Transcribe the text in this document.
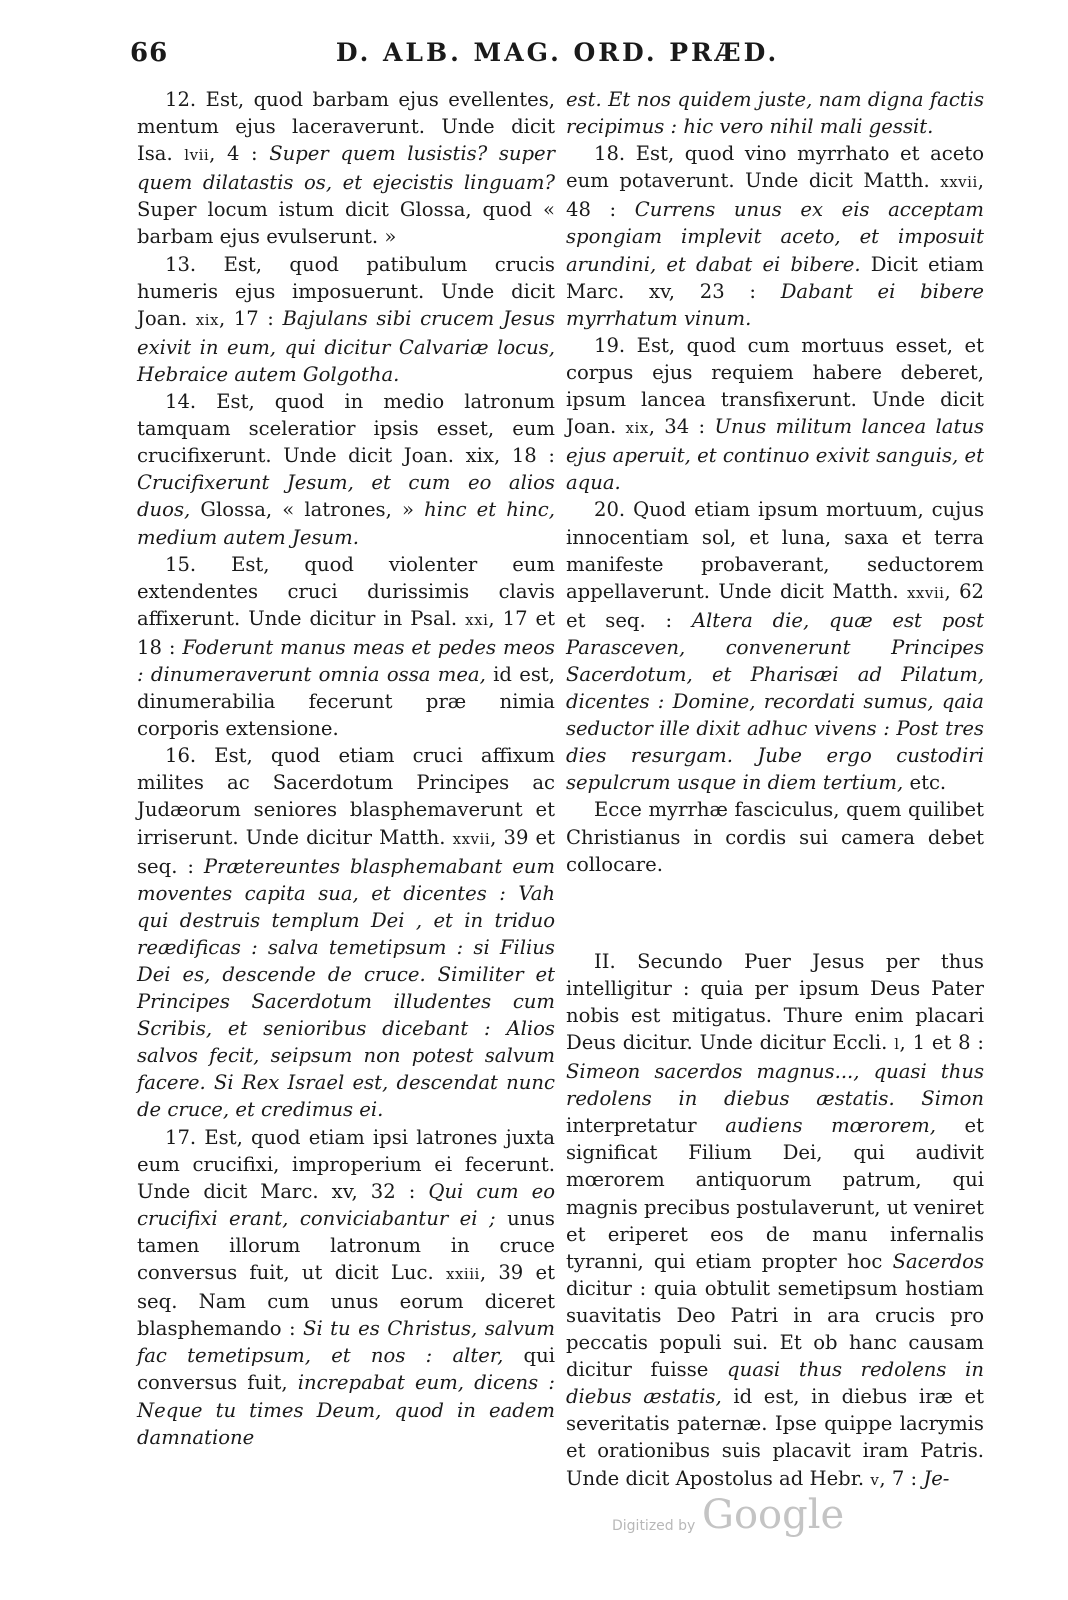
66	D. ALB. MAG. ORD. PRÆD.

12. Est, quod barbam ejus evellentes, mentum ejus laceraverunt. Unde dicit Isa. lvii, 4 : Super quem lusistis? super quem dilatastis os, et ejecistis linguam? Super locum istum dicit Glossa, quod « barbam ejus evulserunt. »

13. Est, quod patibulum crucis humeris ejus imposuerunt. Unde dicit Joan. xix, 17 : Bajulans sibi crucem Jesus exivit in eum, qui dicitur Calvariæ locus, Hebraice autem Golgotha.

14. Est, quod in medio latronum tamquam sceleratior ipsis esset, eum crucifixerunt. Unde dicit Joan. xix, 18 : Crucifixerunt Jesum, et cum eo alios duos, Glossa, « latrones, » hinc et hinc, medium autem Jesum.

15. Est, quod violenter eum extendentes cruci durissimis clavis affixerunt. Unde dicitur in Psal. xxi, 17 et 18 : Foderunt manus meas et pedes meos : dinumeraverunt omnia ossa mea, id est, dinumerabilia fecerunt præ nimia corporis extensione.

16. Est, quod etiam cruci affixum milites ac Sacerdotum Principes ac Judæorum seniores blasphemaverunt et irriserunt. Unde dicitur Matth. xxvii, 39 et seq. : Prætereuntes blasphemabant eum moventes capita sua, et dicentes : Vah qui destruis templum Dei , et in triduo reædificas : salva temetipsum : si Filius Dei es, descende de cruce. Similiter et Principes Sacerdotum illudentes cum Scribis, et senioribus dicebant : Alios salvos fecit, seipsum non potest salvum facere. Si Rex Israel est, descendat nunc de cruce, et credimus ei.

17. Est, quod etiam ipsi latrones juxta eum crucifixi, improperium ei fecerunt. Unde dicit Marc. xv, 32 : Qui cum eo crucifixi erant, conviciabantur ei ; unus tamen illorum latronum in cruce conversus fuit, ut dicit Luc. xxiii, 39 et seq. Nam cum unus eorum diceret blasphemando : Si tu es Christus, salvum fac temetipsum, et nos : alter, qui conversus fuit, increpabat eum, dicens : Neque tu times Deum, quod in eadem damnatione

est. Et nos quidem juste, nam digna factis recipimus : hic vero nihil mali gessit.

18. Est, quod vino myrrhato et aceto eum potaverunt. Unde dicit Matth. xxvii, 48 : Currens unus ex eis acceptam spongiam implevit aceto, et imposuit arundini, et dabat ei bibere. Dicit etiam Marc. xv, 23 : Dabant ei bibere myrrhatum vinum.

19. Est, quod cum mortuus esset, et corpus ejus requiem habere deberet, ipsum lancea transfixerunt. Unde dicit Joan. xix, 34 : Unus militum lancea latus ejus aperuit, et continuo exivit sanguis, et aqua.

20. Quod etiam ipsum mortuum, cujus innocentiam sol, et luna, saxa et terra manifeste probaverant, seductorem appellaverunt. Unde dicit Matth. xxvii, 62 et seq. : Altera die, quæ est post Parasceven, convenerunt Principes Sacerdotum, et Pharisæi ad Pilatum, dicentes : Domine, recordati sumus, qaia seductor ille dixit adhuc vivens : Post tres dies resurgam. Jube ergo custodiri sepulcrum usque in diem tertium, etc.

Ecce myrrhæ fasciculus, quem quilibet Christianus in cordis sui camera debet collocare.

II. Secundo Puer Jesus per thus intelligitur : quia per ipsum Deus Pater nobis est mitigatus. Thure enim placari Deus dicitur. Unde dicitur Eccli. l, 1 et 8 : Simeon sacerdos magnus..., quasi thus redolens in diebus æstatis. Simon interpretatur audiens mœrorem, et significat Filium Dei, qui audivit mœrorem antiquorum patrum, qui magnis precibus postulaverunt, ut veniret et eriperet eos de manu infernalis tyranni, qui etiam propter hoc Sacerdos dicitur : quia obtulit semetipsum hostiam suavitatis Deo Patri in ara crucis pro peccatis populi sui. Et ob hanc causam dicitur fuisse quasi thus redolens in diebus æstatis, id est, in diebus iræ et severitatis paternæ. Ipse quippe lacrymis et orationibus suis placavit iram Patris. Unde dicit Apostolus ad Hebr. v, 7 : Je-

Digitized by Google
